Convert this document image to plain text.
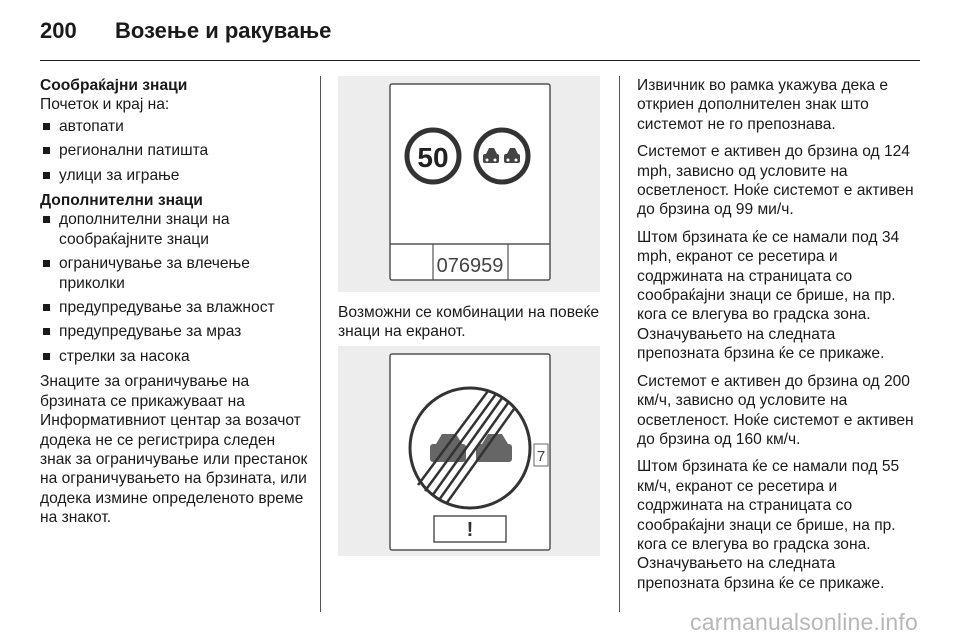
200	Возење и ракување
Сообраќајни знаци

Почеток и крај на:

автопати
регионални патишта
улици за играње
Дополнителни знаци
дополнителни знаци на сообраќајните знаци
ограничување за влечење приколки
предупредување за влажност
предупредување за мраз
стрелки за насока

Знаците за ограничување на брзината се прикажуваат на Информативниот центар за возачот додека не се регистрира следен знак за ограничување или престанок на ограничувањето на брзината, или додека измине определеното време на знакот.

50
076959
Возможни се комбинации на повеќе знаци на екранот.
7
!

Извичник во рамка укажува дека е откриен дополнителен знак што системот не го препознава.

Системот е активен до брзина од 124 mph, зависно од условите на осветленост. Ноќе системот е активен до брзина од 99 ми/ч.

Штом брзината ќе се намали под 34 mph, екранот се ресетира и содржината на страницата со сообраќајни знаци се брише, на пр. кога се влегува во градска зона. Означувањето на следната препозната брзина ќе се прикаже.

Системот е активен до брзина од 200 км/ч, зависно од условите на осветленост. Ноќе системот е активен до брзина од 160 км/ч.

Штом брзината ќе се намали под 55 км/ч, екранот се ресетира и содржината на страницата со сообраќајни знаци се брише, на пр. кога се влегува во градска зона. Означувањето на следната препозната брзина ќе се прикаже.

carmanualsonline.info
